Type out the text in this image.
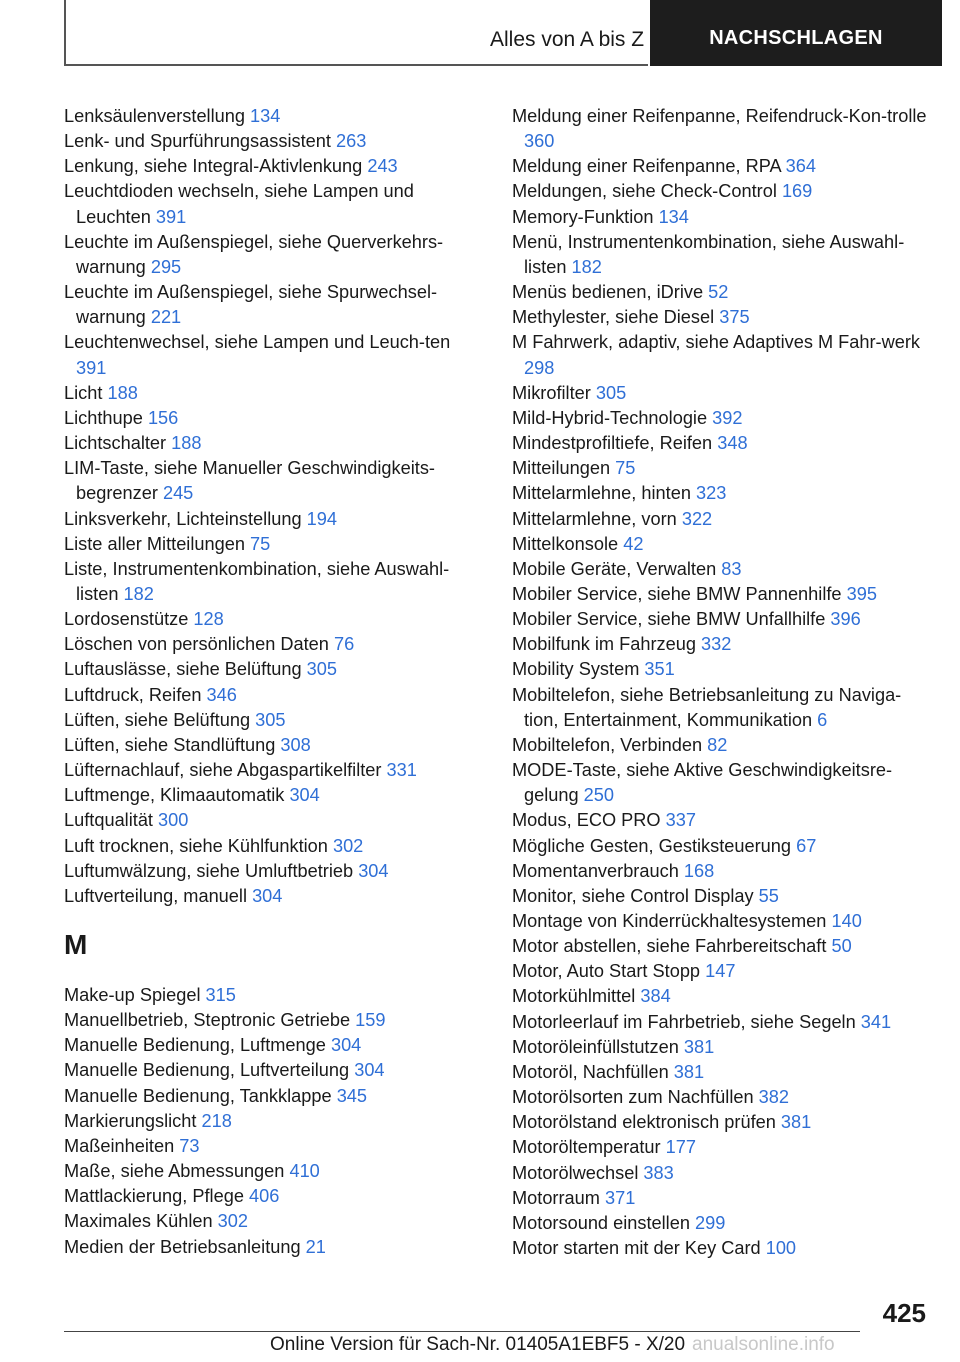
Alles von A bis Z	NACHSCHLAGEN
Lenksäulenverstellung 134
Lenk- und Spurführungsassistent 263
Lenkung, siehe Integral-Aktivlenkung 243
Leuchtdioden wechseln, siehe Lampen und Leuchten 391
Leuchte im Außenspiegel, siehe Querverkehrs-warnung 295
Leuchte im Außenspiegel, siehe Spurwechsel-warnung 221
Leuchtenwechsel, siehe Lampen und Leuch-ten 391
Licht 188
Lichthupe 156
Lichtschalter 188
LIM-Taste, siehe Manueller Geschwindigkeits-begrenzer 245
Linksverkehr, Lichteinstellung 194
Liste aller Mitteilungen 75
Liste, Instrumentenkombination, siehe Auswahl-listen 182
Lordosenstütze 128
Löschen von persönlichen Daten 76
Luftauslässe, siehe Belüftung 305
Luftdruck, Reifen 346
Lüften, siehe Belüftung 305
Lüften, siehe Standlüftung 308
Lüfternachlauf, siehe Abgaspartikelfilter 331
Luftmenge, Klimaautomatik 304
Luftqualität 300
Luft trocknen, siehe Kühlfunktion 302
Luftumwälzung, siehe Umluftbetrieb 304
Luftverteilung, manuell 304
M
Make-up Spiegel 315
Manuellbetrieb, Steptronic Getriebe 159
Manuelle Bedienung, Luftmenge 304
Manuelle Bedienung, Luftverteilung 304
Manuelle Bedienung, Tankklappe 345
Markierungslicht 218
Maßeinheiten 73
Maße, siehe Abmessungen 410
Mattlackierung, Pflege 406
Maximales Kühlen 302
Medien der Betriebsanleitung 21
Meldung einer Reifenpanne, Reifendruck-Kon-trolle 360
Meldung einer Reifenpanne, RPA 364
Meldungen, siehe Check-Control 169
Memory-Funktion 134
Menü, Instrumentenkombination, siehe Auswahl-listen 182
Menüs bedienen, iDrive 52
Methylester, siehe Diesel 375
M Fahrwerk, adaptiv, siehe Adaptives M Fahr-werk 298
Mikrofilter 305
Mild-Hybrid-Technologie 392
Mindestprofiltiefe, Reifen 348
Mitteilungen 75
Mittelarmlehne, hinten 323
Mittelarmlehne, vorn 322
Mittelkonsole 42
Mobile Geräte, Verwalten 83
Mobiler Service, siehe BMW Pannenhilfe 395
Mobiler Service, siehe BMW Unfallhilfe 396
Mobilfunk im Fahrzeug 332
Mobility System 351
Mobiltelefon, siehe Betriebsanleitung zu Naviga-tion, Entertainment, Kommunikation 6
Mobiltelefon, Verbinden 82
MODE-Taste, siehe Aktive Geschwindigkeitsre-gelung 250
Modus, ECO PRO 337
Mögliche Gesten, Gestiksteuerung 67
Momentanverbrauch 168
Monitor, siehe Control Display 55
Montage von Kinderrückhaltesystemen 140
Motor abstellen, siehe Fahrbereitschaft 50
Motor, Auto Start Stopp 147
Motorkühlmittel 384
Motorleerlauf im Fahrbetrieb, siehe Segeln 341
Motoröleinfüllstutzen 381
Motoröl, Nachfüllen 381
Motorölsorten zum Nachfüllen 382
Motorölstand elektronisch prüfen 381
Motoröltemperatur 177
Motorölwechsel 383
Motorraum 371
Motorsound einstellen 299
Motor starten mit der Key Card 100
425
Online Version für Sach-Nr. 01405A1EBF5 - X/20 anualsonline.info
